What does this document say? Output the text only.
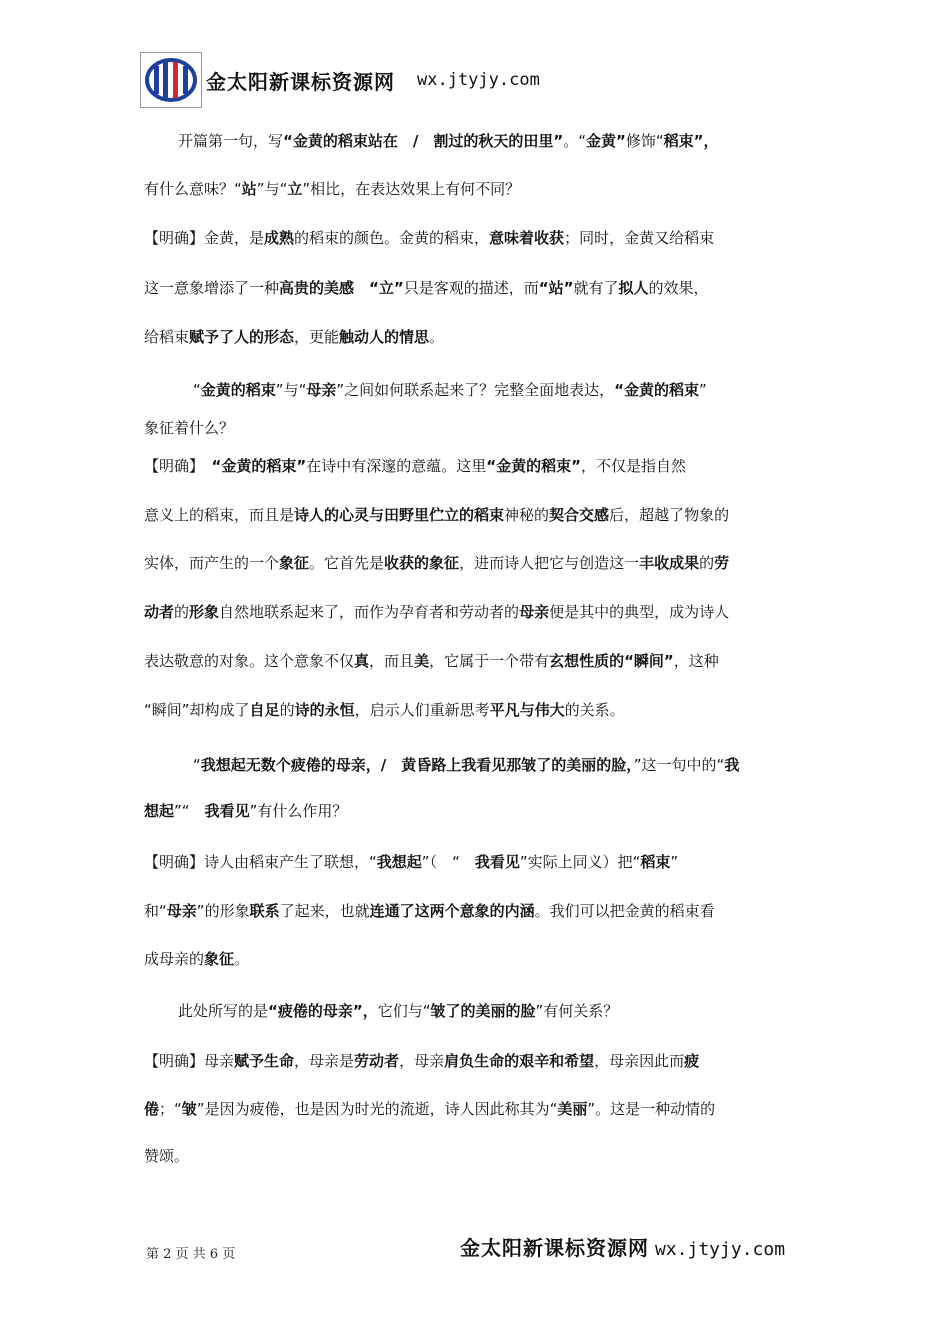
金太阳新课标资源网 wx.jtyjy.com
开篇第一句，写“金黄的稻束站在　/　割过的秋天的田里”。“金黄”修饰“稻束”，
有什么意味？“站”与“立”相比，在表达效果上有何不同？
【明确】金黄，是成熟的稻束的颜色。金黄的稻束，意味着收获；同时，金黄又给稻束
这一意象增添了一种高贵的美感　 “立”只是客观的描述，而“站”就有了拟人的效果，
给稻束赋予了人的形态，更能触动人的情思。
　“金黄的稻束”与“母亲”之间如何联系起来了？完整全面地表达，“金黄的稻束”
象征着什么？
【明确】　“金黄的稻束”在诗中有深邃的意蕴。这里“金黄的稻束”，不仅是指自然
意义上的稻束，而且是诗人的心灵与田野里伫立的稻束神秘的契合交感后，超越了物象的
实体，而产生的一个象征。它首先是收获的象征，进而诗人把它与创造这一丰收成果的劳
动者的形象自然地联系起来了，而作为孕育者和劳动者的母亲便是其中的典型，成为诗人
表达敬意的对象。这个意象不仅真，而且美，它属于一个带有玄想性质的“瞬间”，这种
“瞬间”却构成了自足的诗的永恒，启示人们重新思考平凡与伟大的关系。
　“我想起无数个疲倦的母亲，/　黄昏路上我看见那皱了的美丽的脸，”这一句中的“我
想起”“　我看见”有什么作用？
【明确】诗人由稻束产生了联想，“我想起”（　“　我看见”实际上同义）把“稻束”
和“母亲”的形象联系了起来，也就连通了这两个意象的内涵。我们可以把金黄的稻束看
成母亲的象征。
此处所写的是“疲倦的母亲”，它们与“皱了的美丽的脸”有何关系？
【明确】母亲赋予生命，母亲是劳动者，母亲肩负生命的艰辛和希望，母亲因此而疲
倦；“皱”是因为疲倦，也是因为时光的流逝，诗人因此称其为“美丽”。这是一种动情的
赞颂。
第 2 页 共 6 页	金太阳新课标资源网 wx.jtyjy.com
